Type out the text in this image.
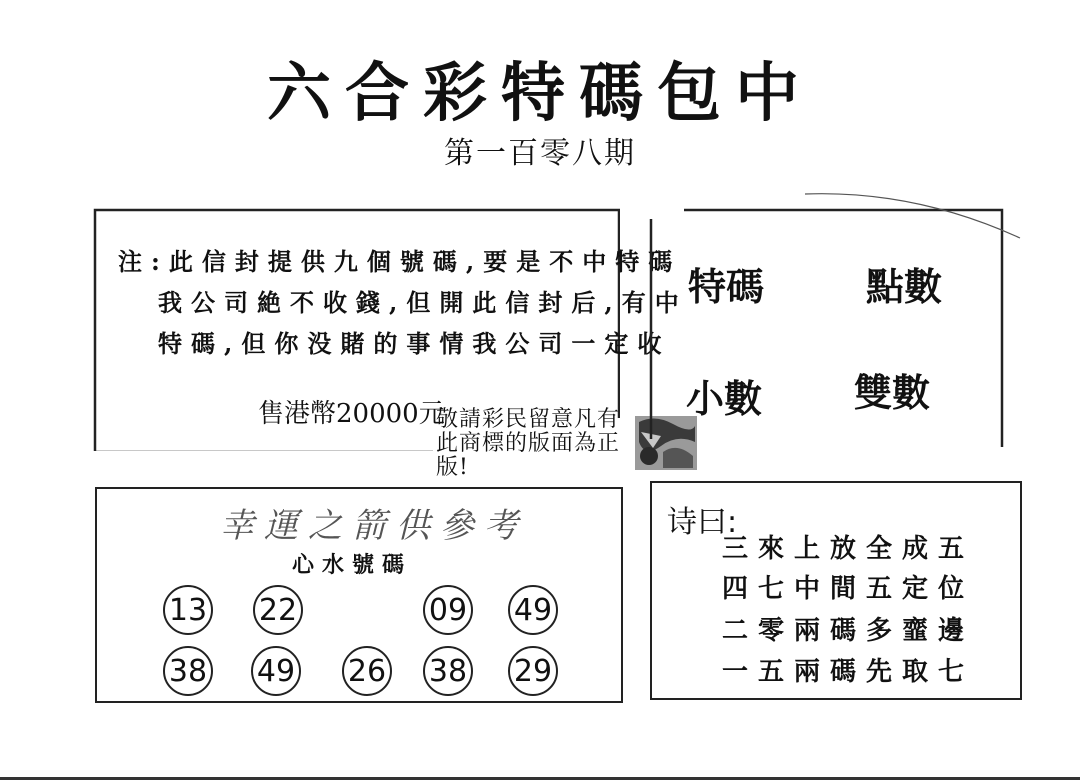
六合彩特碼包中
第一百零八期
注:此信封提供九個號碼,要是不中特碼
我公司絶不收錢,但開此信封后,有中
特碼,但你没賭的事情我公司一定收
售港幣20000元
敬請彩民留意凡有此商標的版面為正版!
特碼	點數
小數 雙數
幸運之箭供參考
心水號碼
13 22	09 49
38 49 26 38 29
诗曰:
三來上放全成五
四七中間五定位
二零兩碼多韲邊
一五兩碼先取七
